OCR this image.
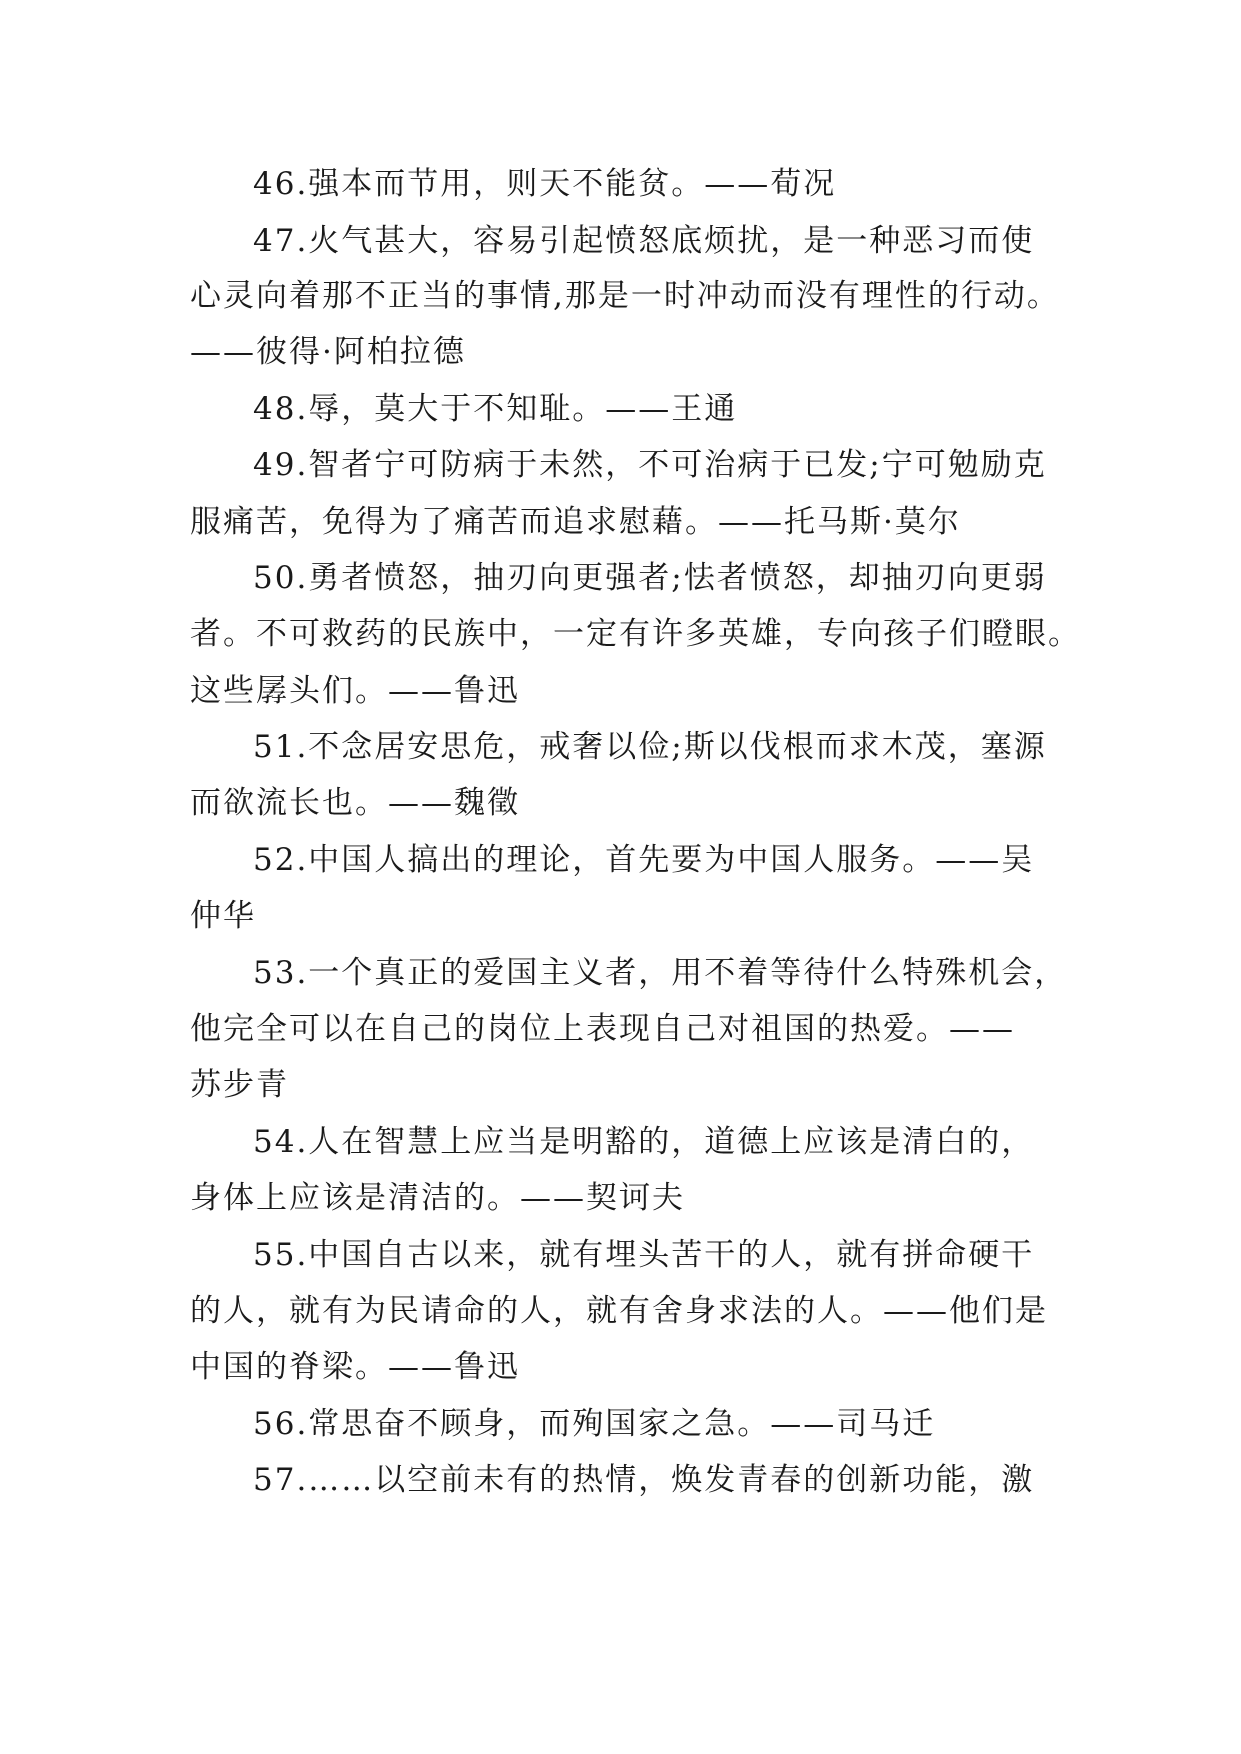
46.强本而节用，则天不能贫。——荀况

47.火气甚大，容易引起愤怒底烦扰，是一种恶习而使

心灵向着那不正当的事情,那是一时冲动而没有理性的行动。

——彼得·阿柏拉德

48.辱，莫大于不知耻。——王通

49.智者宁可防病于未然，不可治病于已发;宁可勉励克

服痛苦，免得为了痛苦而追求慰藉。——托马斯·莫尔

50.勇者愤怒，抽刃向更强者;怯者愤怒，却抽刃向更弱

者。不可救药的民族中，一定有许多英雄，专向孩子们瞪眼。

这些孱头们。——鲁迅

51.不念居安思危，戒奢以俭;斯以伐根而求木茂，塞源

而欲流长也。——魏徵

52.中国人搞出的理论，首先要为中国人服务。——吴

仲华

53.一个真正的爱国主义者，用不着等待什么特殊机会，

他完全可以在自己的岗位上表现自己对祖国的热爱。——

苏步青

54.人在智慧上应当是明豁的，道德上应该是清白的，

身体上应该是清洁的。——契诃夫

55.中国自古以来，就有埋头苦干的人，就有拼命硬干

的人，就有为民请命的人，就有舍身求法的人。——他们是

中国的脊梁。——鲁迅

56.常思奋不顾身，而殉国家之急。——司马迁

57.……以空前未有的热情，焕发青春的创新功能，激
